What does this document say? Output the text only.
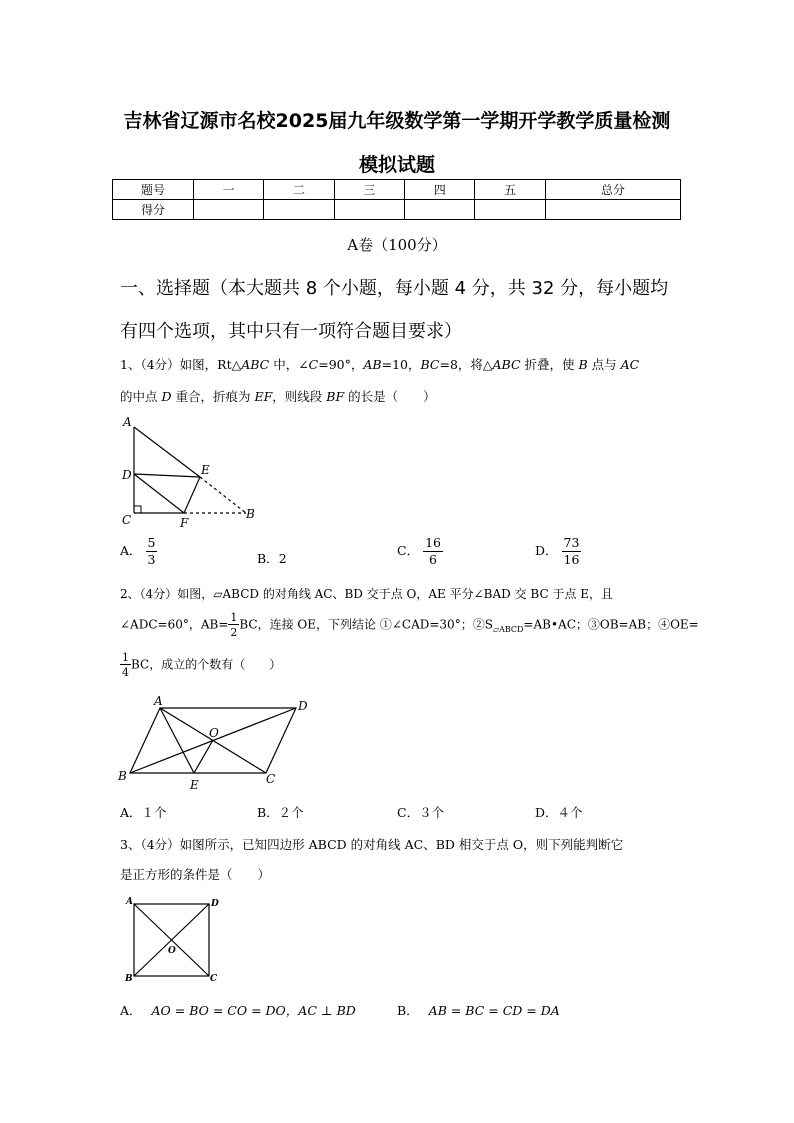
吉林省辽源市名校2025届九年级数学第一学期开学教学质量检测
模拟试题
题号	一	二	三	四	五	总分
得分						
A卷（100分）
一、选择题（本大题共 8 个小题，每小题 4 分，共 32 分，每小题均
有四个选项，其中只有一项符合题目要求）
1、（4分）如图，Rt△ABC 中，∠C=90°，AB=10，BC=8，将△ABC 折叠，使 B 点与 AC
的中点 D 重合，折痕为 EF，则线段 BF 的长是（　　）
A
D	E
C	F
B
A． $\frac{5}{3}$	B．2
C． $\frac{16}{6}$	D． $\frac{73}{16}$
2、（4分）如图，▱ABCD 的对角线 AC、BD 交于点 O，AE 平分∠BAD 交 BC 于点 E，且
∠ADC=60°，$AB= \frac{1}{2}$ BC，连接 OE，下列结论 ①∠CAD=30°；$②S_{▱ABCD}=AB•AC$；③OB=AB；④OE=
$\frac{1}{4}$ BC，成立的个数有（　　）
A	D
O
B
E	C
A．１个	B．２个	C．３个	D．４个
3、（4分）如图所示，已知四边形 ABCD 的对角线 AC、BD 相交于点 O，则下列能判断它
是正方形的条件是（　　）
A	D
O
B	C
A． AO = BO = CO = DO，AC ⊥ BD	B． AB = BC = CD = DA
